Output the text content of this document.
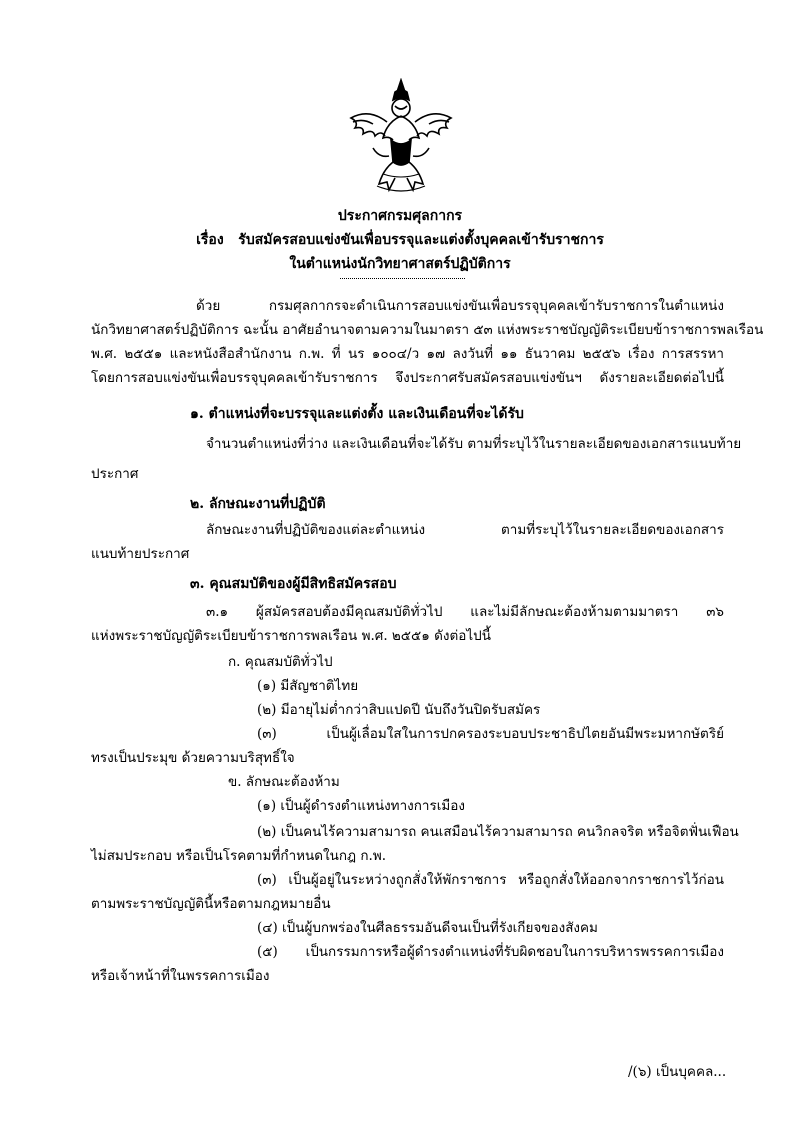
ประกาศกรมศุลกากร
เรื่อง รับสมัครสอบแข่งขันเพื่อบรรจุและแต่งตั้งบุคคลเข้ารับราชการ
ในตำแหน่งนักวิทยาศาสตร์ปฏิบัติการ
ด้วย กรมศุลกากรจะดำเนินการสอบแข่งขันเพื่อบรรจุบุคคลเข้ารับราชการในตำแหน่ง
นักวิทยาศาสตร์ปฏิบัติการ ฉะนั้น อาศัยอำนาจตามความในมาตรา ๕๓ แห่งพระราชบัญญัติระเบียบข้าราชการพลเรือน
พ.ศ. ๒๕๕๑ และหนังสือสำนักงาน ก.พ. ที่ นร ๑๐๐๔/ว ๑๗ ลงวันที่ ๑๑ ธันวาคม ๒๕๕๖ เรื่อง การสรรหา
โดยการสอบแข่งขันเพื่อบรรจุบุคคลเข้ารับราชการ จึงประกาศรับสมัครสอบแข่งขันฯ ดังรายละเอียดต่อไปนี้
๑. ตำแหน่งที่จะบรรจุและแต่งตั้ง และเงินเดือนที่จะได้รับ
จำนวนตำแหน่งที่ว่าง และเงินเดือนที่จะได้รับ ตามที่ระบุไว้ในรายละเอียดของเอกสารแนบท้าย
ประกาศ
๒. ลักษณะงานที่ปฏิบัติ
ลักษณะงานที่ปฏิบัติของแต่ละตำแหน่ง ตามที่ระบุไว้ในรายละเอียดของเอกสาร
แนบท้ายประกาศ
๓. คุณสมบัติของผู้มีสิทธิสมัครสอบ
๓.๑ ผู้สมัครสอบต้องมีคุณสมบัติทั่วไป และไม่มีลักษณะต้องห้ามตามมาตรา ๓๖
แห่งพระราชบัญญัติระเบียบข้าราชการพลเรือน พ.ศ. ๒๕๕๑ ดังต่อไปนี้
ก. คุณสมบัติทั่วไป
(๑) มีสัญชาติไทย
(๒) มีอายุไม่ต่ำกว่าสิบแปดปี นับถึงวันปิดรับสมัคร
(๓) เป็นผู้เลื่อมใสในการปกครองระบอบประชาธิปไตยอันมีพระมหากษัตริย์
ทรงเป็นประมุข ด้วยความบริสุทธิ์ใจ
ข. ลักษณะต้องห้าม
(๑) เป็นผู้ดำรงตำแหน่งทางการเมือง
(๒) เป็นคนไร้ความสามารถ คนเสมือนไร้ความสามารถ คนวิกลจริต หรือจิตฟั่นเฟือน
ไม่สมประกอบ หรือเป็นโรคตามที่กำหนดในกฎ ก.พ.
(๓) เป็นผู้อยู่ในระหว่างถูกสั่งให้พักราชการ หรือถูกสั่งให้ออกจากราชการไว้ก่อน
ตามพระราชบัญญัตินี้หรือตามกฎหมายอื่น
(๔) เป็นผู้บกพร่องในศีลธรรมอันดีจนเป็นที่รังเกียจของสังคม
(๕) เป็นกรรมการหรือผู้ดำรงตำแหน่งที่รับผิดชอบในการบริหารพรรคการเมือง
หรือเจ้าหน้าที่ในพรรคการเมือง
/(๖) เป็นบุคคล...
